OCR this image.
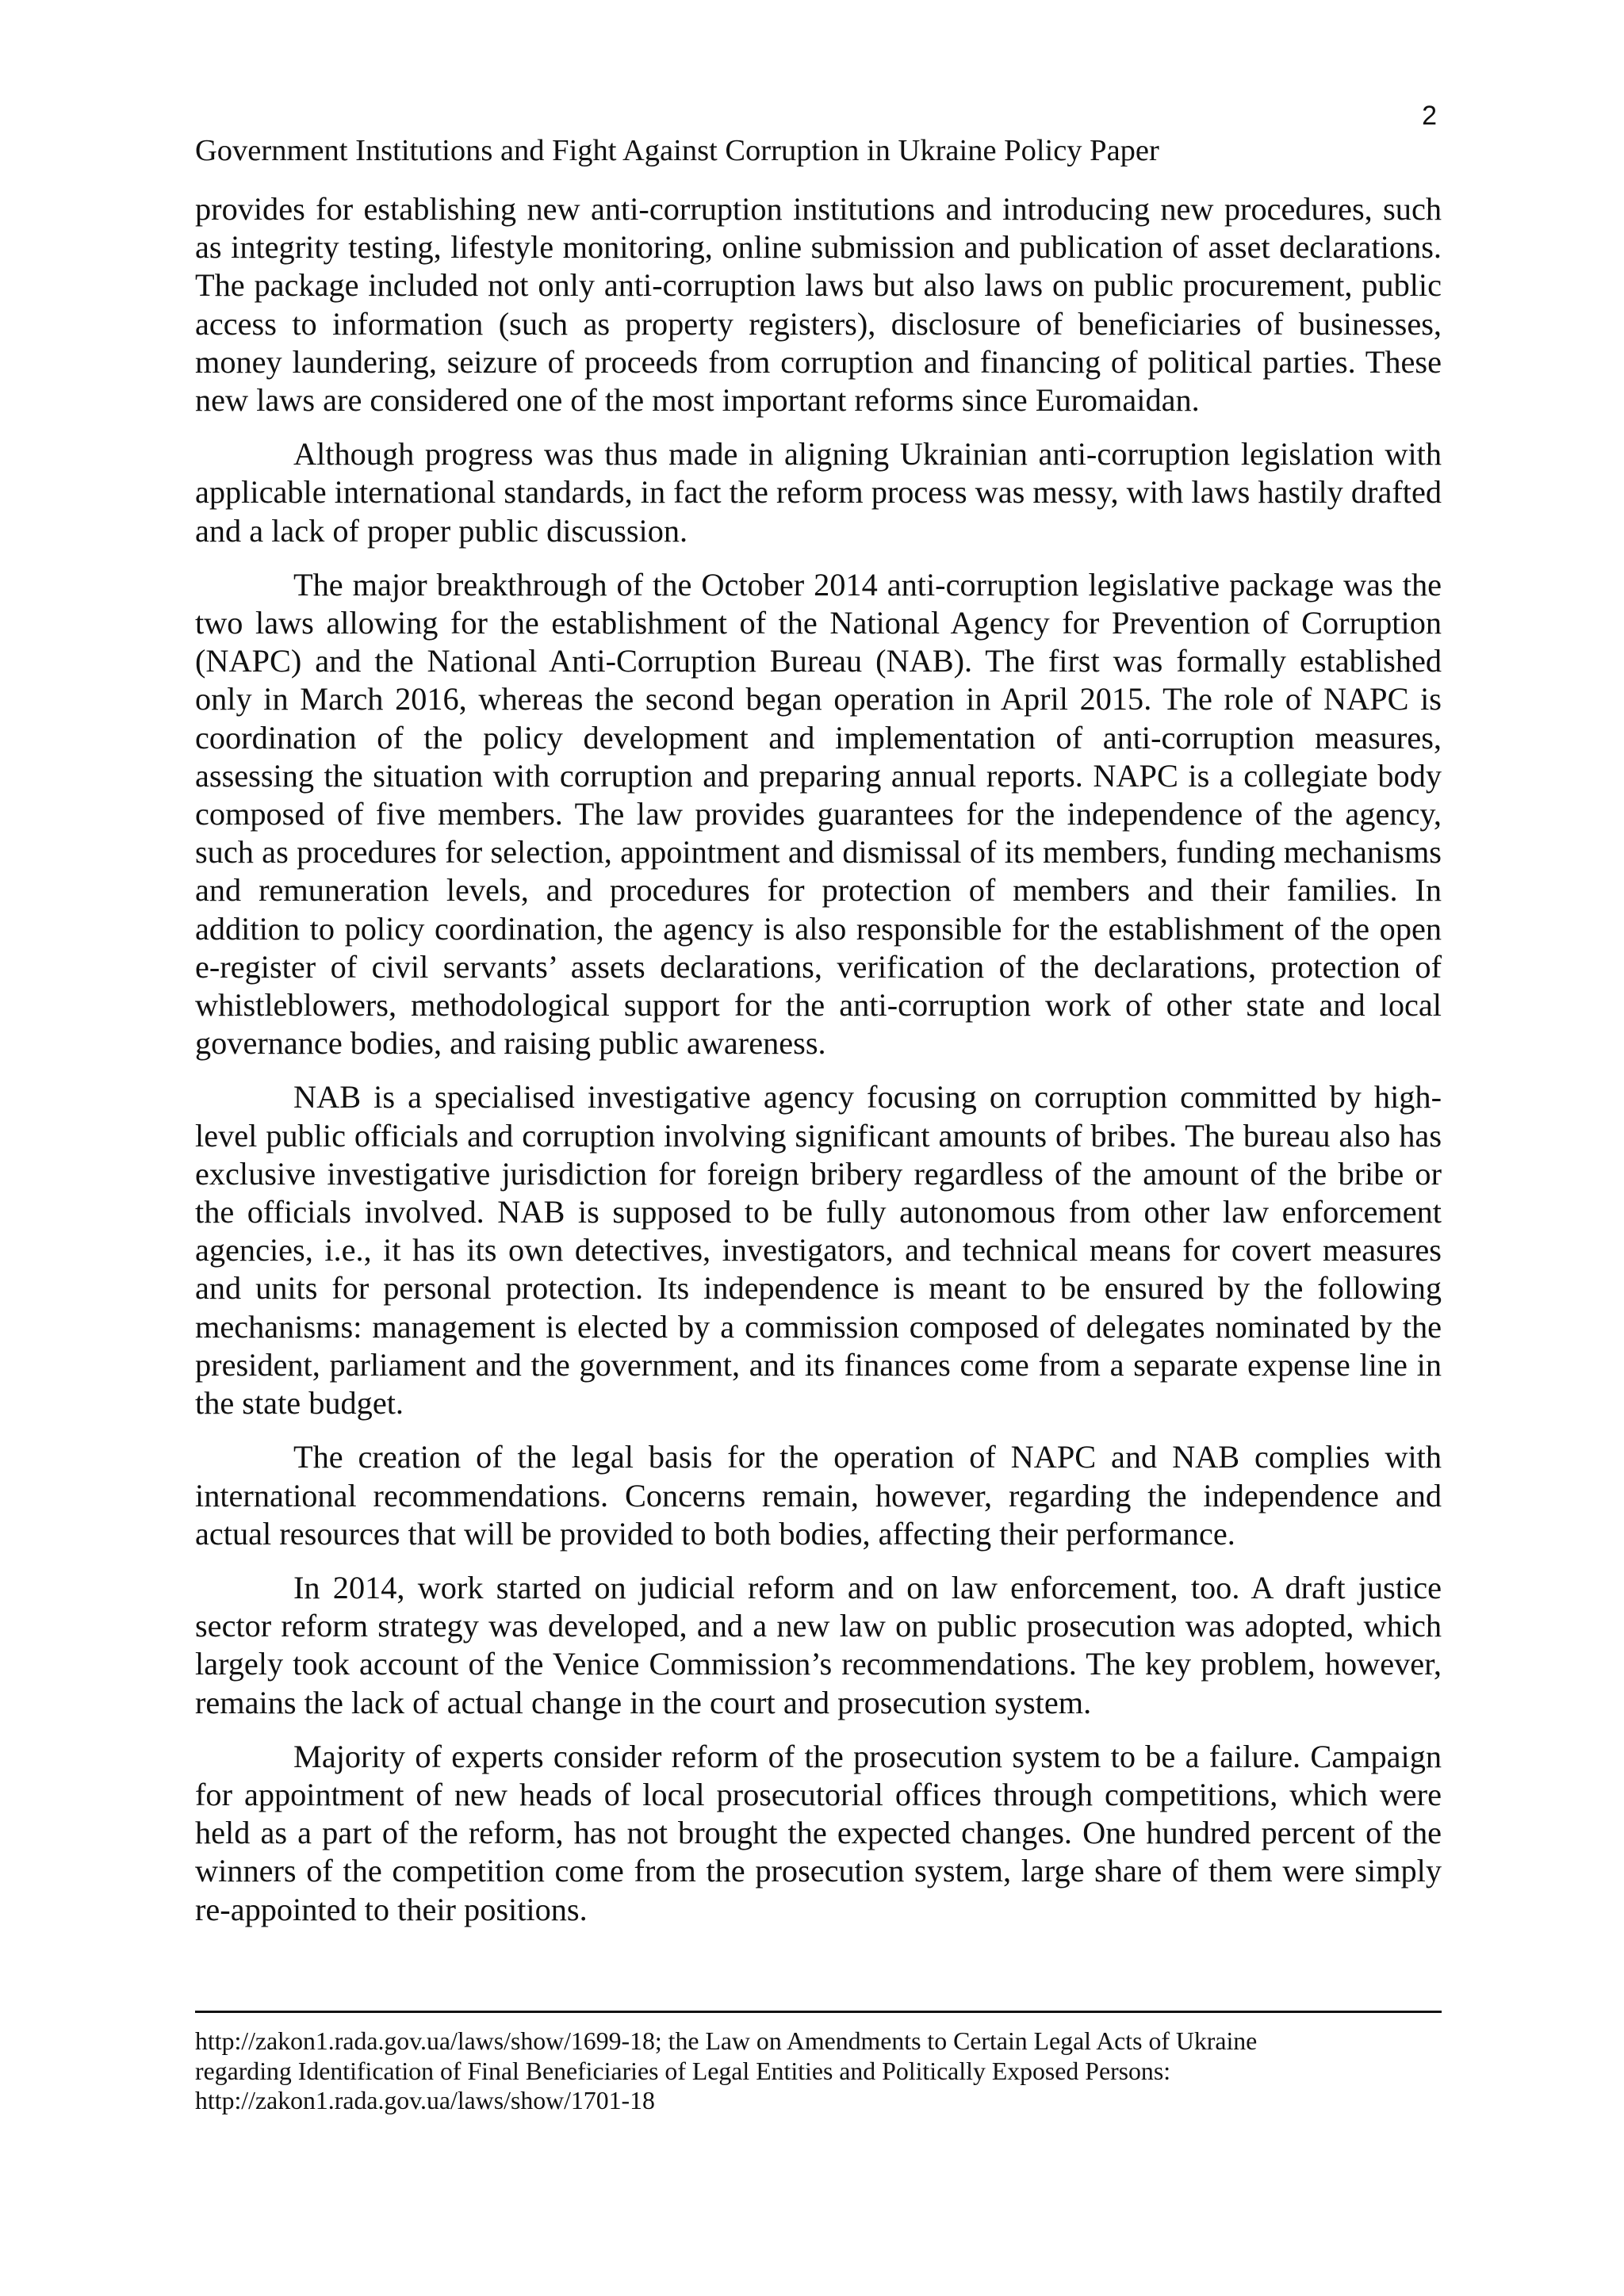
2
Government Institutions and Fight Against Corruption in Ukraine Policy Paper

provides for establishing new anti-corruption institutions and introducing new procedures, such as integrity testing, lifestyle monitoring, online submission and publication of asset declarations. The package included not only anti-corruption laws but also laws on public procurement, public access to information (such as property registers), disclosure of beneficiaries of businesses, money laundering, seizure of proceeds from corruption and financing of political parties. These new laws are considered one of the most important reforms since Euromaidan.

Although progress was thus made in aligning Ukrainian anti-corruption legislation with applicable international standards, in fact the reform process was messy, with laws hastily drafted and a lack of proper public discussion.

The major breakthrough of the October 2014 anti-corruption legislative package was the two laws allowing for the establishment of the National Agency for Prevention of Corruption (NAPC) and the National Anti-Corruption Bureau (NAB). The first was formally established only in March 2016, whereas the second began operation in April 2015. The role of NAPC is coordination of the policy development and implementation of anti-corruption measures, assessing the situation with corruption and preparing annual reports. NAPC is a collegiate body composed of five members. The law provides guarantees for the independence of the agency, such as procedures for selection, appointment and dismissal of its members, funding mechanisms and remuneration levels, and procedures for protection of members and their families. In addition to policy coordination, the agency is also responsible for the establishment of the open e-register of civil servants’ assets declarations, verification of the declarations, protection of whistleblowers, methodological support for the anti-corruption work of other state and local governance bodies, and raising public awareness.

NAB is a specialised investigative agency focusing on corruption committed by high-level public officials and corruption involving significant amounts of bribes. The bureau also has exclusive investigative jurisdiction for foreign bribery regardless of the amount of the bribe or the officials involved. NAB is supposed to be fully autonomous from other law enforcement agencies, i.e., it has its own detectives, investigators, and technical means for covert measures and units for personal protection. Its independence is meant to be ensured by the following mechanisms: management is elected by a commission composed of delegates nominated by the president, parliament and the government, and its finances come from a separate expense line in the state budget.

The creation of the legal basis for the operation of NAPC and NAB complies with international recommendations. Concerns remain, however, regarding the independence and actual resources that will be provided to both bodies, affecting their performance.

In 2014, work started on judicial reform and on law enforcement, too. A draft justice sector reform strategy was developed, and a new law on public prosecution was adopted, which largely took account of the Venice Commission’s recommendations. The key problem, however, remains the lack of actual change in the court and prosecution system.

Majority of experts consider reform of the prosecution system to be a failure. Campaign for appointment of new heads of local prosecutorial offices through competitions, which were held as a part of the reform, has not brought the expected changes. One hundred percent of the winners of the competition come from the prosecution system, large share of them were simply re-appointed to their positions.

http://zakon1.rada.gov.ua/laws/show/1699-18; the Law on Amendments to Certain Legal Acts of Ukraine
regarding Identification of Final Beneficiaries of Legal Entities and Politically Exposed Persons:
http://zakon1.rada.gov.ua/laws/show/1701-18
